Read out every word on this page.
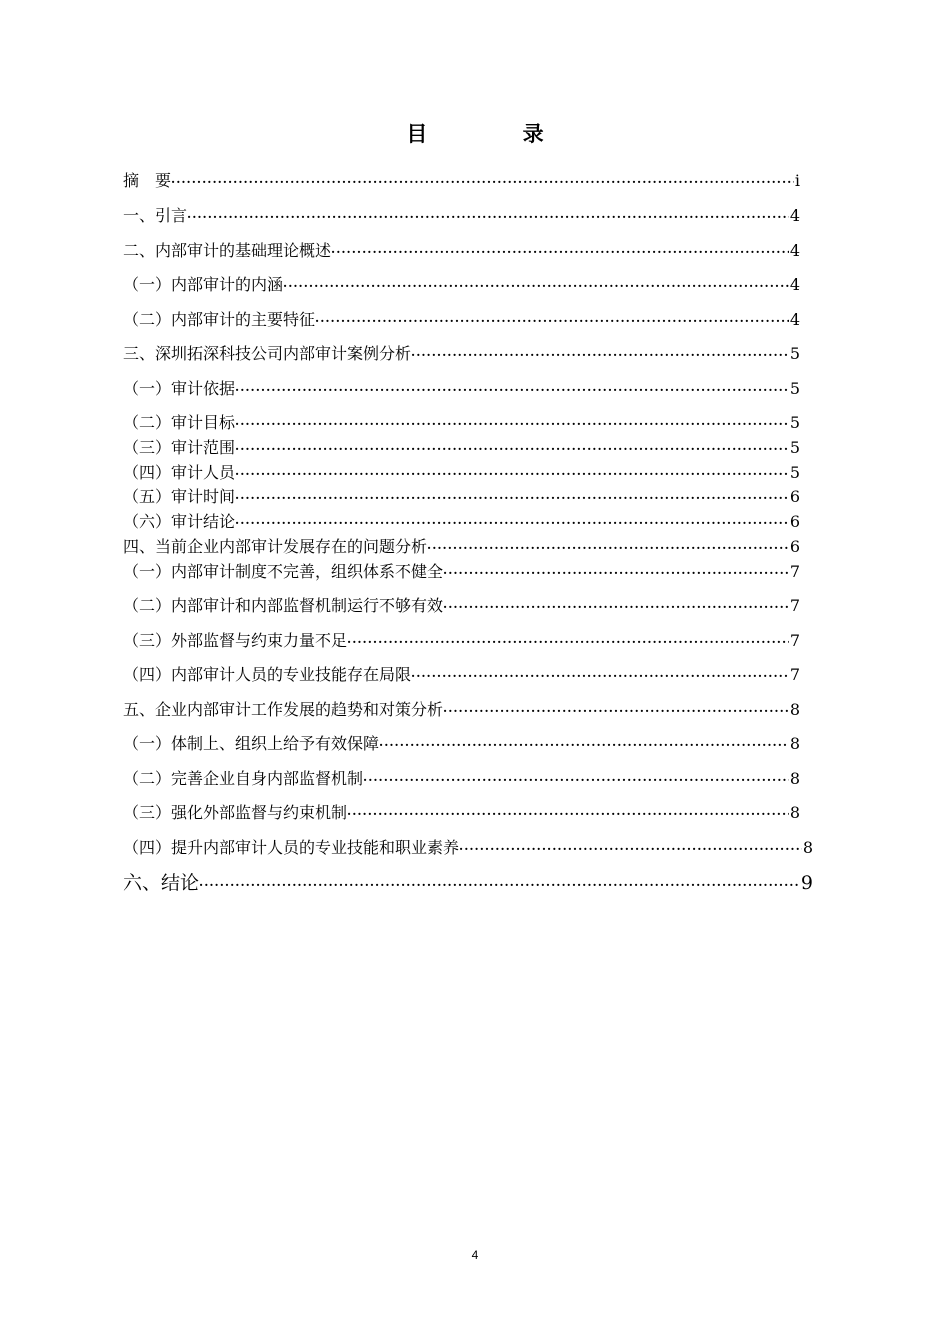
目 录
摘　要 ·····	i
一、引言 ·····	4
二、内部审计的基础理论概述 ·····	4
（一）内部审计的内涵 ·····	4
（二）内部审计的主要特征 ·····	4
三、深圳拓深科技公司内部审计案例分析 ·····	5
（一）审计依据 ·····	5
（二）审计目标 ·····	5
（三）审计范围 ·····	5
（四）审计人员 ·····	5
（五）审计时间 ·····	6
（六）审计结论 ·····	6
四、当前企业内部审计发展存在的问题分析 ·····	6
（一）内部审计制度不完善，组织体系不健全 ·····	7
（二）内部审计和内部监督机制运行不够有效 ·····	7
（三）外部监督与约束力量不足 ·····	7
（四）内部审计人员的专业技能存在局限 ·····	7
五、企业内部审计工作发展的趋势和对策分析 ·····	8
（一）体制上、组织上给予有效保障 ·····	8
（二）完善企业自身内部监督机制 ·····	8
（三）强化外部监督与约束机制 ·····	8
（四）提升内部审计人员的专业技能和职业素养 ·····	8
六、结论 ·····	9
4
